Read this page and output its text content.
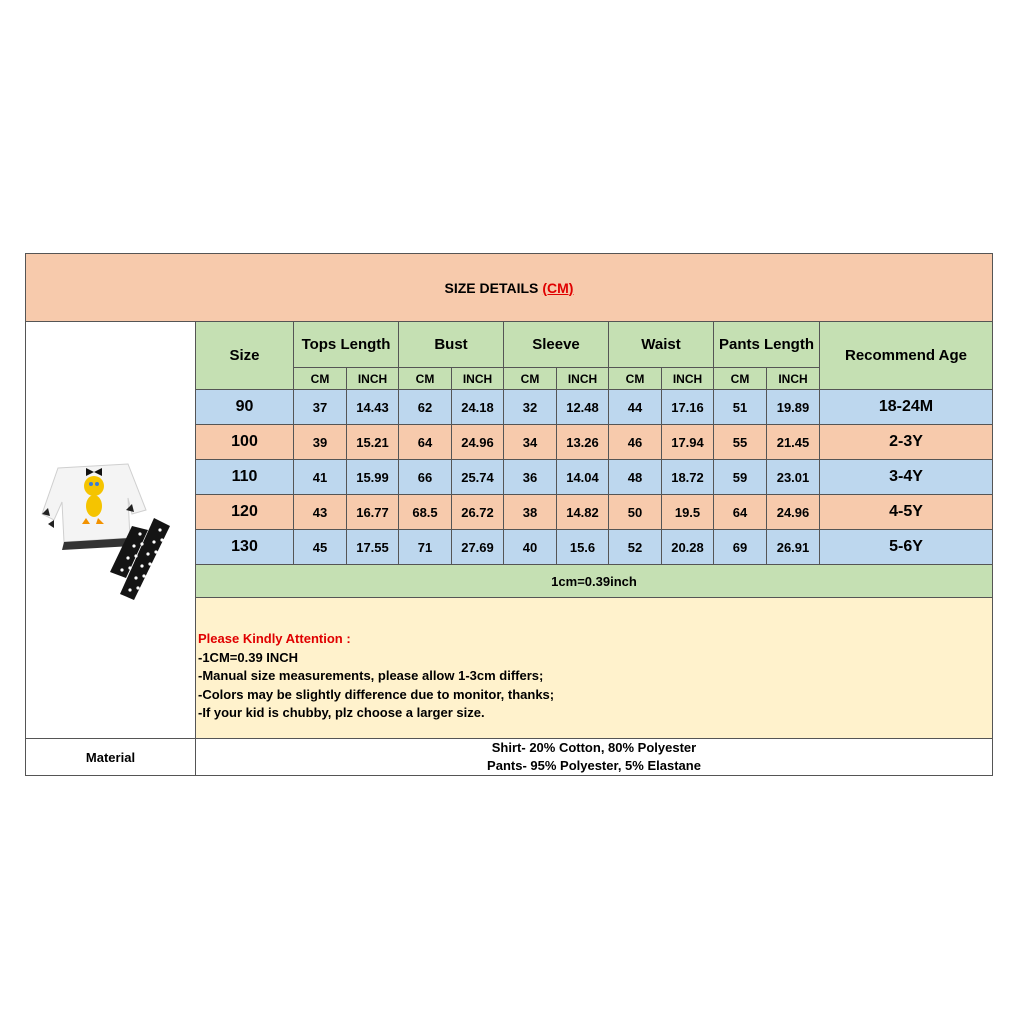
SIZE DETAILS (CM)
Size
Tops Length	Bust	Sleeve	Waist	Pants Length
Recommend Age
CM	INCH	CM	INCH	CM	INCH	CM	INCH	CM	INCH
90	37	14.43	62	24.18	32	12.48	44	17.16	51	19.89	18-24M
100	39	15.21	64	24.96	34	13.26	46	17.94	55	21.45	2-3Y
110	41	15.99	66	25.74	36	14.04	48	18.72	59	23.01	3-4Y
120	43	16.77	68.5	26.72	38	14.82	50	19.5	64	24.96	4-5Y
130	45	17.55	71	27.69	40	15.6	52	20.28	69	26.91	5-6Y
1cm=0.39inch
Please Kindly Attention :
-1CM=0.39 INCH
-Manual size measurements, please allow 1-3cm differs;
-Colors may be slightly difference due to monitor, thanks;
-If your kid is chubby, plz choose a larger size.
Material
Shirt- 20% Cotton, 80% Polyester
Pants- 95% Polyester, 5% Elastane
